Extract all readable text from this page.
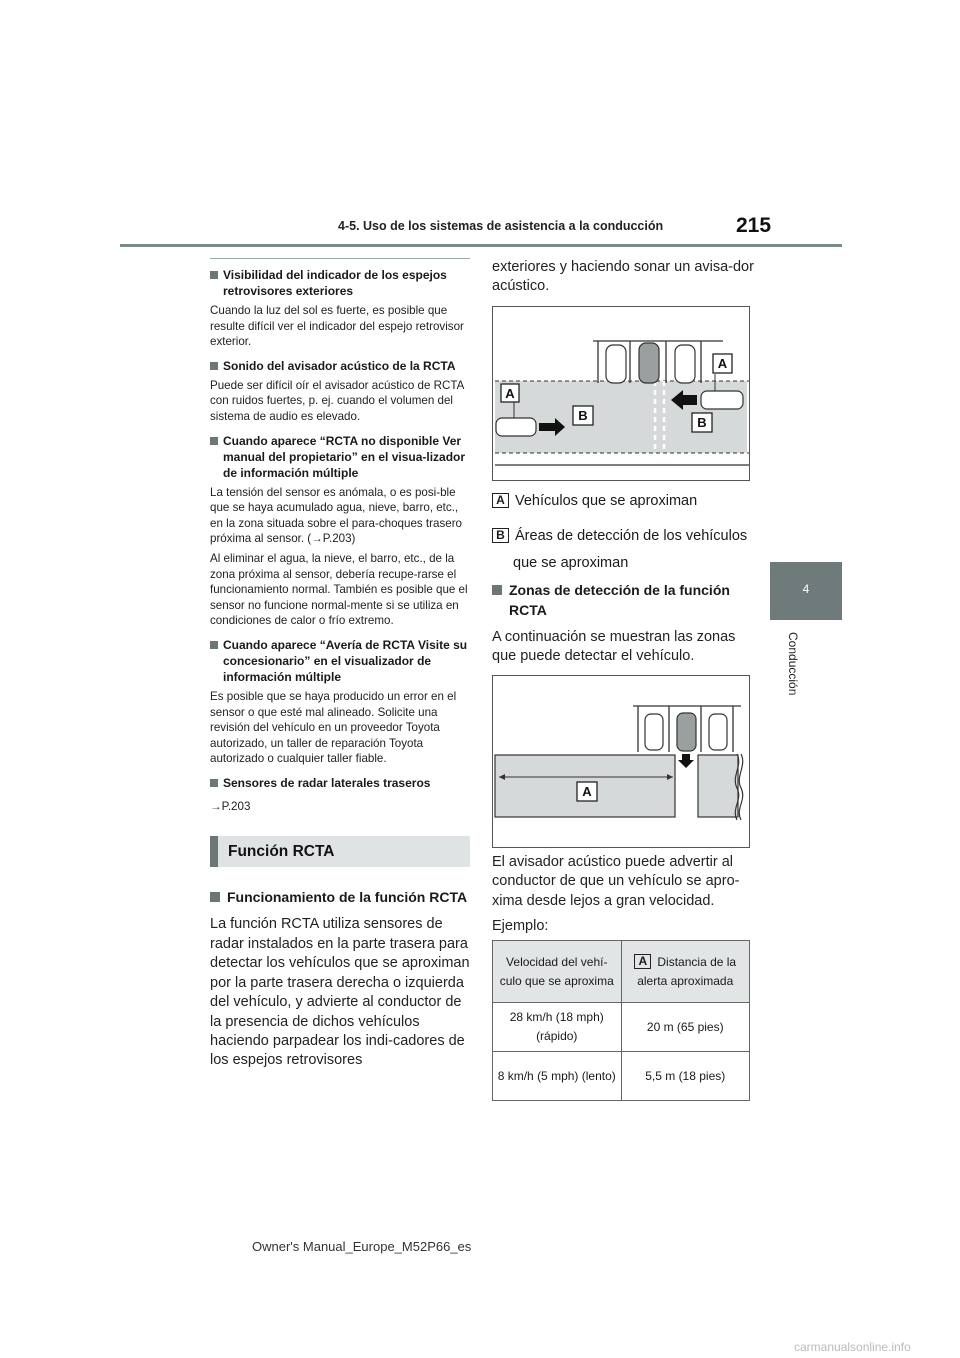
4-5. Uso de los sistemas de asistencia a la conducción	215
4
Conducción
Visibilidad del indicador de los espejos retrovisores exteriores

Cuando la luz del sol es fuerte, es posible que resulte difícil ver el indicador del espejo retrovisor exterior.

Sonido del avisador acústico de la RCTA

Puede ser difícil oír el avisador acústico de RCTA con ruidos fuertes, p. ej. cuando el volumen del sistema de audio es elevado.

Cuando aparece “RCTA no disponible Ver manual del propietario” en el visua-lizador de información múltiple

La tensión del sensor es anómala, o es posi-ble que se haya acumulado agua, nieve, barro, etc., en la zona situada sobre el para-choques trasero próxima al sensor. (→P.203)

Al eliminar el agua, la nieve, el barro, etc., de la zona próxima al sensor, debería recupe-rarse el funcionamiento normal. También es posible que el sensor no funcione normal-mente si se utiliza en condiciones de calor o frío extremo.

Cuando aparece “Avería de RCTA Visite su concesionario” en el visualizador de información múltiple

Es posible que se haya producido un error en el sensor o que esté mal alineado. Solicite una revisión del vehículo en un proveedor Toyota autorizado, un taller de reparación Toyota autorizado o cualquier taller fiable.

Sensores de radar laterales traseros

→P.203

Función RCTA
Funcionamiento de la función RCTA

La función RCTA utiliza sensores de radar instalados en la parte trasera para detectar los vehículos que se aproximan por la parte trasera derecha o izquierda del vehículo, y advierte al conductor de la presencia de dichos vehículos haciendo parpadear los indi-cadores de los espejos retrovisores

exteriores y haciendo sonar un avisa-dor acústico.

A
A
B	B
A Vehículos que se aproximan
B Áreas de detección de los vehículos
que se aproximan
Zonas de detección de la función RCTA

A continuación se muestran las zonas que puede detectar el vehículo.

A

El avisador acústico puede advertir al conductor de que un vehículo se apro-xima desde lejos a gran velocidad.

Ejemplo:

Velocidad del vehí-culo que se aproxima	A Distancia de la alerta aproximada
28 km/h (18 mph) (rápido)	20 m (65 pies)
8 km/h (5 mph) (lento)	5,5 m (18 pies)
Owner's Manual_Europe_M52P66_es
carmanualsonline.info
